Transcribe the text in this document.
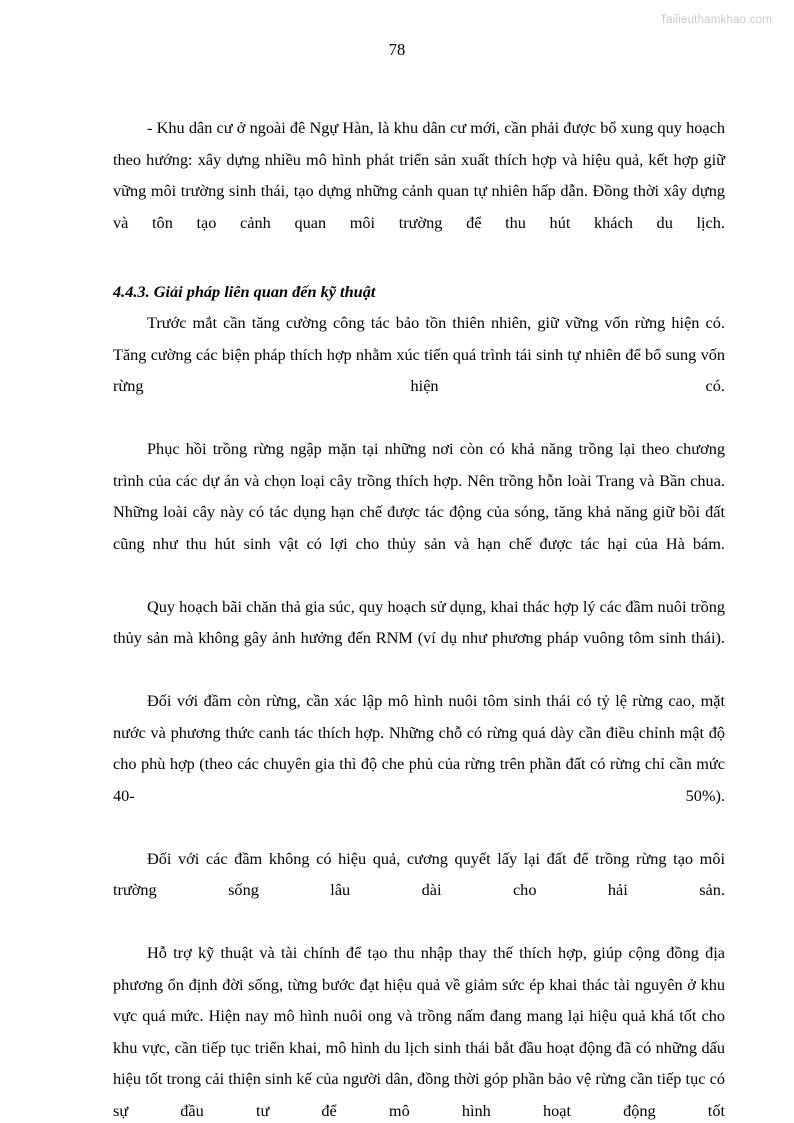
Tailieuthamkhao.com
78

- Khu dân cư ở ngoài đê Ngự Hàn, là khu dân cư mới, cần phải được bổ xung quy hoạch theo hướng: xây dựng nhiều mô hình phát triển sản xuất thích hợp và hiệu quả, kết hợp giữ vững môi trường sinh thái, tạo dựng những cảnh quan tự nhiên hấp dẫn. Đồng thời xây dựng và tôn tạo cảnh quan môi trường để thu hút khách du lịch.

4.4.3. Giải pháp liên quan đến kỹ thuật

Trước mắt cần tăng cường công tác bảo tồn thiên nhiên, giữ vững vốn rừng hiện có. Tăng cường các biện pháp thích hợp nhằm xúc tiến quá trình tái sinh tự nhiên để bổ sung vốn rừng hiện có.

Phục hồi trồng rừng ngập mặn tại những nơi còn có khả năng trồng lại theo chương trình của các dự án và chọn loại cây trồng thích hợp. Nên trồng hỗn loài Trang và Bần chua. Những loài cây này có tác dụng hạn chế được tác động của sóng, tăng khả năng giữ bồi đất cũng như thu hút sinh vật có lợi cho thủy sản và hạn chế được tác hại của Hà bám.

Quy hoạch bãi chăn thả gia súc, quy hoạch sử dụng, khai thác hợp lý các đầm nuôi trồng thủy sản mà không gây ảnh hưởng đến RNM (ví dụ như phương pháp vuông tôm sinh thái).

Đối với đầm còn rừng, cần xác lập mô hình nuôi tôm sinh thái có tỷ lệ rừng cao, mặt nước và phương thức canh tác thích hợp. Những chỗ có rừng quá dày cần điều chỉnh mật độ cho phù hợp (theo các chuyên gia thì độ che phủ của rừng trên phần đất có rừng chỉ cần mức 40- 50%).

Đối với các đầm không có hiệu quả, cương quyết lấy lại đất để trồng rừng tạo môi trường sống lâu dài cho hải sản.

Hỗ trợ kỹ thuật và tài chính để tạo thu nhập thay thế thích hợp, giúp cộng đồng địa phương ổn định đời sống, từng bước đạt hiệu quả về giảm sức ép khai thác tài nguyên ở khu vực quá mức. Hiện nay mô hình nuôi ong và trồng nấm đang mang lại hiệu quả khá tốt cho khu vực, cần tiếp tục triển khai, mô hình du lịch sinh thái bắt đầu hoạt động đã có những dấu hiệu tốt trong cải thiện sinh kế của người dân, đồng thời góp phần bảo vệ rừng cần tiếp tục có sự đầu tư để mô hình hoạt động tốt
